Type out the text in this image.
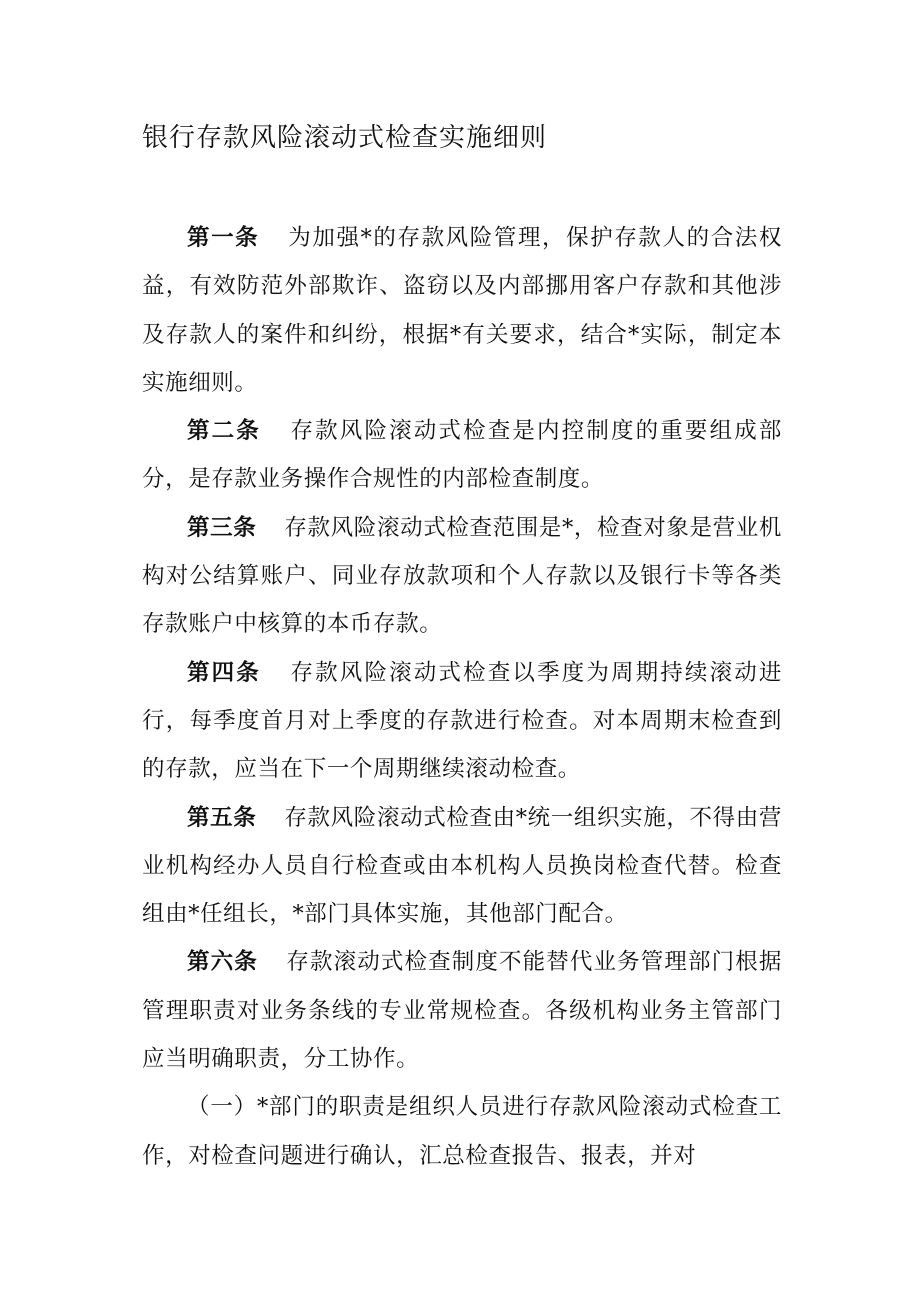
银行存款风险滚动式检查实施细则

第一条 为加强*的存款风险管理，保护存款人的合法权益，有效防范外部欺诈、盗窃以及内部挪用客户存款和其他涉及存款人的案件和纠纷，根据*有关要求，结合*实际，制定本实施细则。

第二条 存款风险滚动式检查是内控制度的重要组成部分，是存款业务操作合规性的内部检查制度。

第三条 存款风险滚动式检查范围是*，检查对象是营业机构对公结算账户、同业存放款项和个人存款以及银行卡等各类存款账户中核算的本币存款。

第四条 存款风险滚动式检查以季度为周期持续滚动进行，每季度首月对上季度的存款进行检查。对本周期末检查到的存款，应当在下一个周期继续滚动检查。

第五条 存款风险滚动式检查由*统一组织实施，不得由营业机构经办人员自行检查或由本机构人员换岗检查代替。检查组由*任组长，*部门具体实施，其他部门配合。

第六条 存款滚动式检查制度不能替代业务管理部门根据管理职责对业务条线的专业常规检查。各级机构业务主管部门应当明确职责，分工协作。

（一）*部门的职责是组织人员进行存款风险滚动式检查工作，对检查问题进行确认，汇总检查报告、报表，并对
